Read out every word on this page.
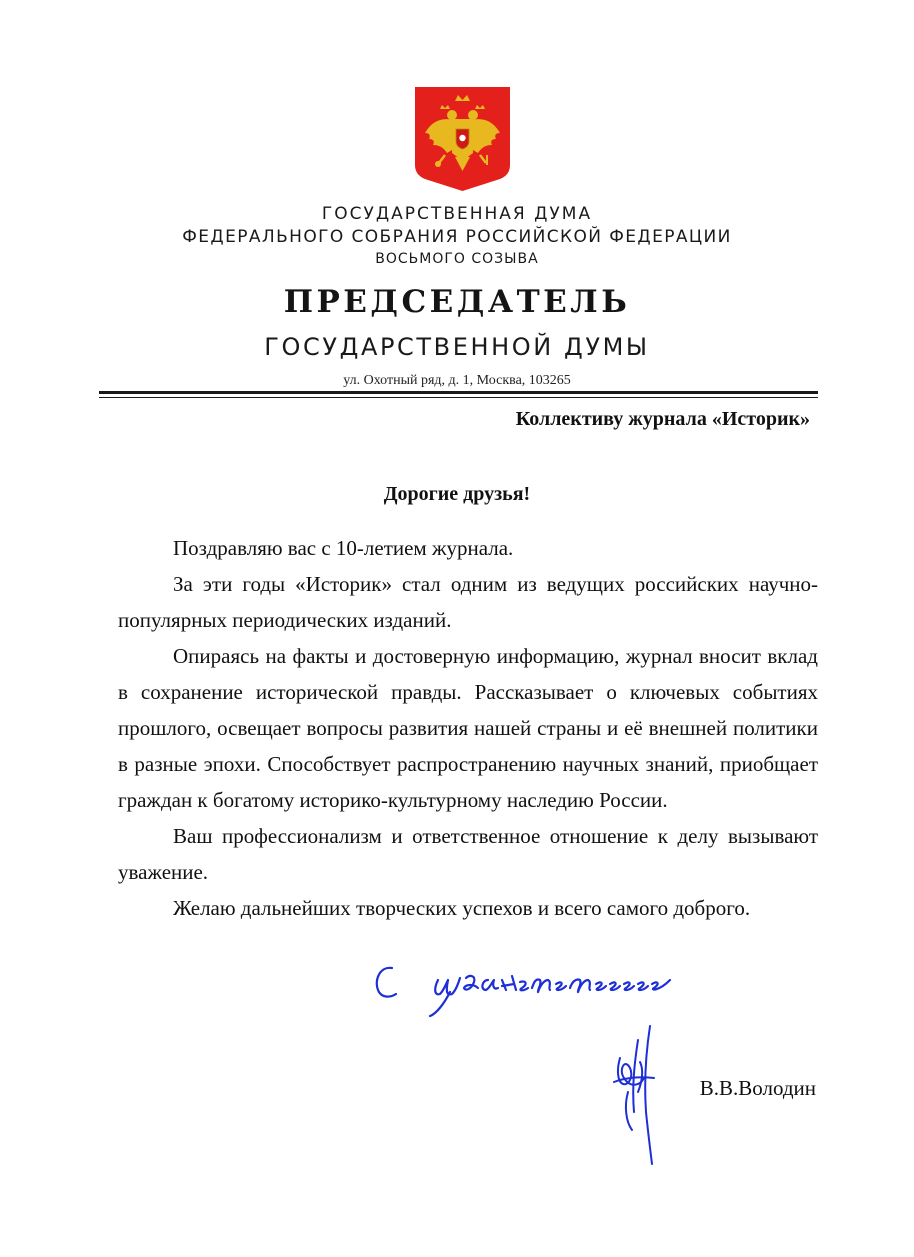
ГОСУДАРСТВЕННАЯ ДУМА
ФЕДЕРАЛЬНОГО СОБРАНИЯ РОССИЙСКОЙ ФЕДЕРАЦИИ
ВОСЬМОГО СОЗЫВА
ПРЕДСЕДАТЕЛЬ
ГОСУДАРСТВЕННОЙ ДУМЫ
ул. Охотный ряд, д. 1, Москва, 103265
Коллективу журнала «Историк»
Дорогие друзья!

Поздравляю вас с 10-летием журнала.

За эти годы «Историк» стал одним из ведущих российских научно-популярных периодических изданий.

Опираясь на факты и достоверную информацию, журнал вносит вклад в сохранение исторической правды. Рассказывает о ключевых событиях прошлого, освещает вопросы развития нашей страны и её внешней политики в разные эпохи. Способствует распространению научных знаний, приобщает граждан к богатому историко-культурному наследию России.

Ваш профессионализм и ответственное отношение к делу вызывают уважение.

Желаю дальнейших творческих успехов и всего самого доброго.

В.В.Володин
